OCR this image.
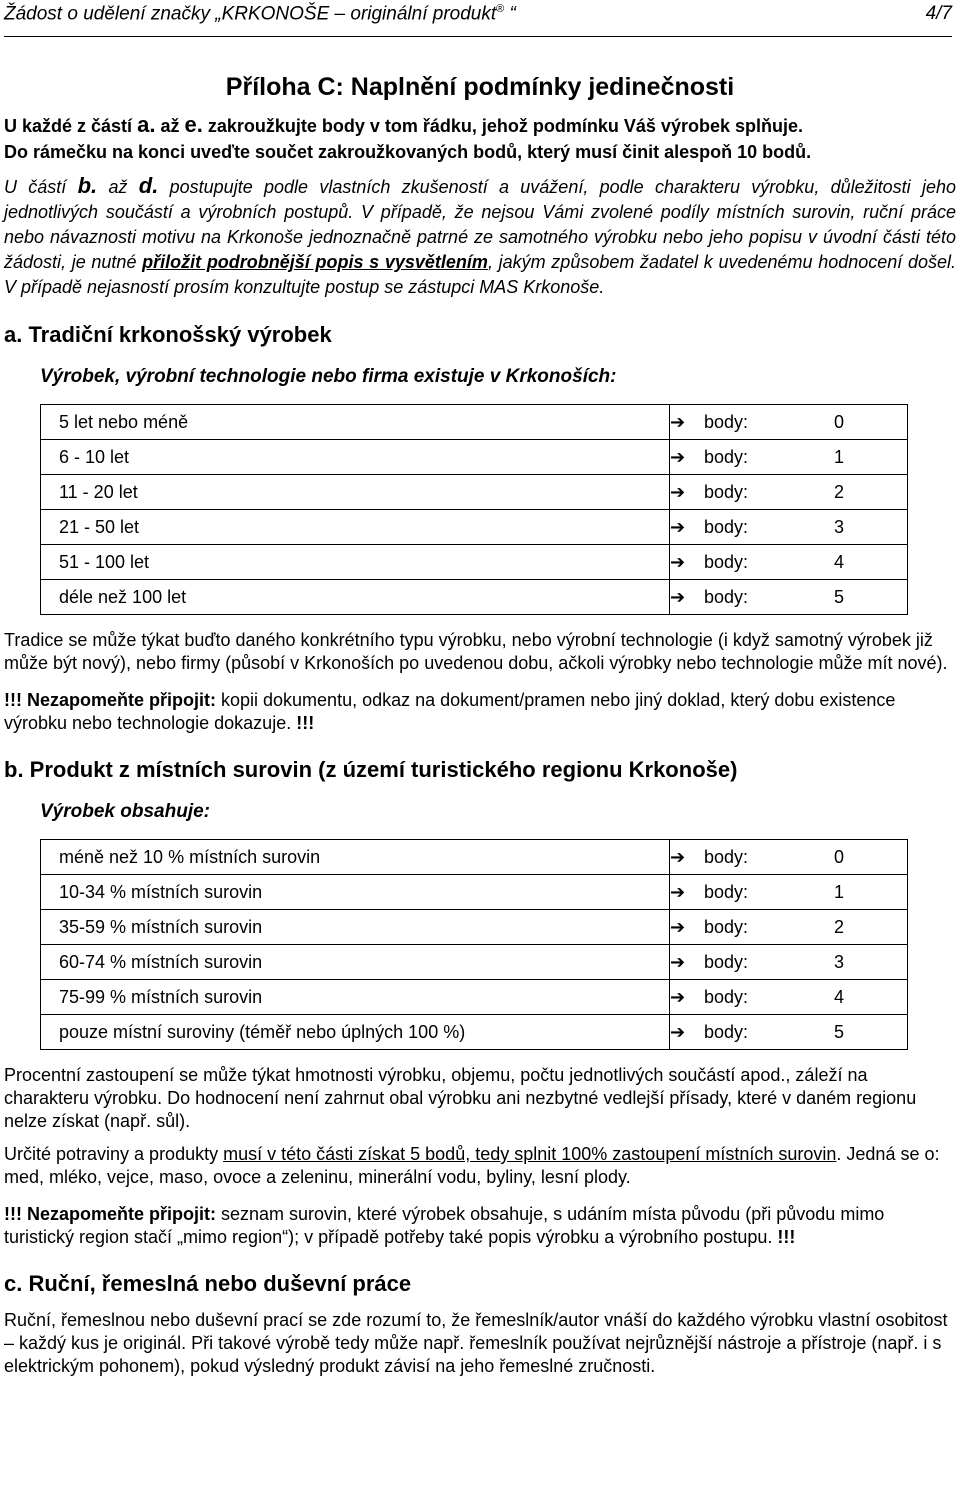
Žádost o udělení značky „KRKONOŠE – originální produkt® “	4/7
Příloha C: Naplnění podmínky jedinečnosti

U každé z částí a. až e. zakroužkujte body v tom řádku, jehož podmínku Váš výrobek splňuje.

Do rámečku na konci uveďte součet zakroužkovaných bodů, který musí činit alespoň 10 bodů.

U částí b. až d. postupujte podle vlastních zkušeností a uvážení, podle charakteru výrobku, důležitosti jeho jednotlivých součástí a výrobních postupů. V případě, že nejsou Vámi zvolené podíly místních surovin, ruční práce nebo návaznosti motivu na Krkonoše jednoznačně patrné ze samotného výrobku nebo jeho popisu v úvodní části této žádosti, je nutné přiložit podrobnější popis s vysvětlením, jakým způsobem žadatel k uvedenému hodnocení došel. V případě nejasností prosím konzultujte postup se zástupci MAS Krkonoše.

a. Tradiční krkonošský výrobek
Výrobek, výrobní technologie nebo firma existuje v Krkonoších:
5 let nebo méně	➔ body: 0
6 - 10 let	➔ body: 1
11 - 20 let	➔ body: 2
21 - 50 let	➔ body: 3
51 - 100 let	➔ body: 4
déle než 100 let	➔ body: 5

Tradice se může týkat buďto daného konkrétního typu výrobku, nebo výrobní technologie (i když samotný výrobek již může být nový), nebo firmy (působí v Krkonoších po uvedenou dobu, ačkoli výrobky nebo technologie může mít nové).

!!! Nezapomeňte připojit: kopii dokumentu, odkaz na dokument/pramen nebo jiný doklad, který dobu existence výrobku nebo technologie dokazuje. !!!

b. Produkt z místních surovin (z území turistického regionu Krkonoše)
Výrobek obsahuje:
méně než 10 % místních surovin	➔ body: 0
10-34 % místních surovin	➔ body: 1
35-59 % místních surovin	➔ body: 2
60-74 % místních surovin	➔ body: 3
75-99 % místních surovin	➔ body: 4
pouze místní suroviny (téměř nebo úplných 100 %)	➔ body: 5

Procentní zastoupení se může týkat hmotnosti výrobku, objemu, počtu jednotlivých součástí apod., záleží na charakteru výrobku. Do hodnocení není zahrnut obal výrobku ani nezbytné vedlejší přísady, které v daném regionu nelze získat (např. sůl).

Určité potraviny a produkty musí v této části získat 5 bodů, tedy splnit 100% zastoupení místních surovin. Jedná se o: med, mléko, vejce, maso, ovoce a zeleninu, minerální vodu, byliny, lesní plody.

!!! Nezapomeňte připojit: seznam surovin, které výrobek obsahuje, s udáním místa původu (při původu mimo turistický region stačí „mimo region“); v případě potřeby také popis výrobku a výrobního postupu. !!!

c. Ruční, řemeslná nebo duševní práce

Ruční, řemeslnou nebo duševní prací se zde rozumí to, že řemeslník/autor vnáší do každého výrobku vlastní osobitost – každý kus je originál. Při takové výrobě tedy může např. řemeslník používat nejrůznější nástroje a přístroje (např. i s elektrickým pohonem), pokud výsledný produkt závisí na jeho řemeslné zručnosti.
